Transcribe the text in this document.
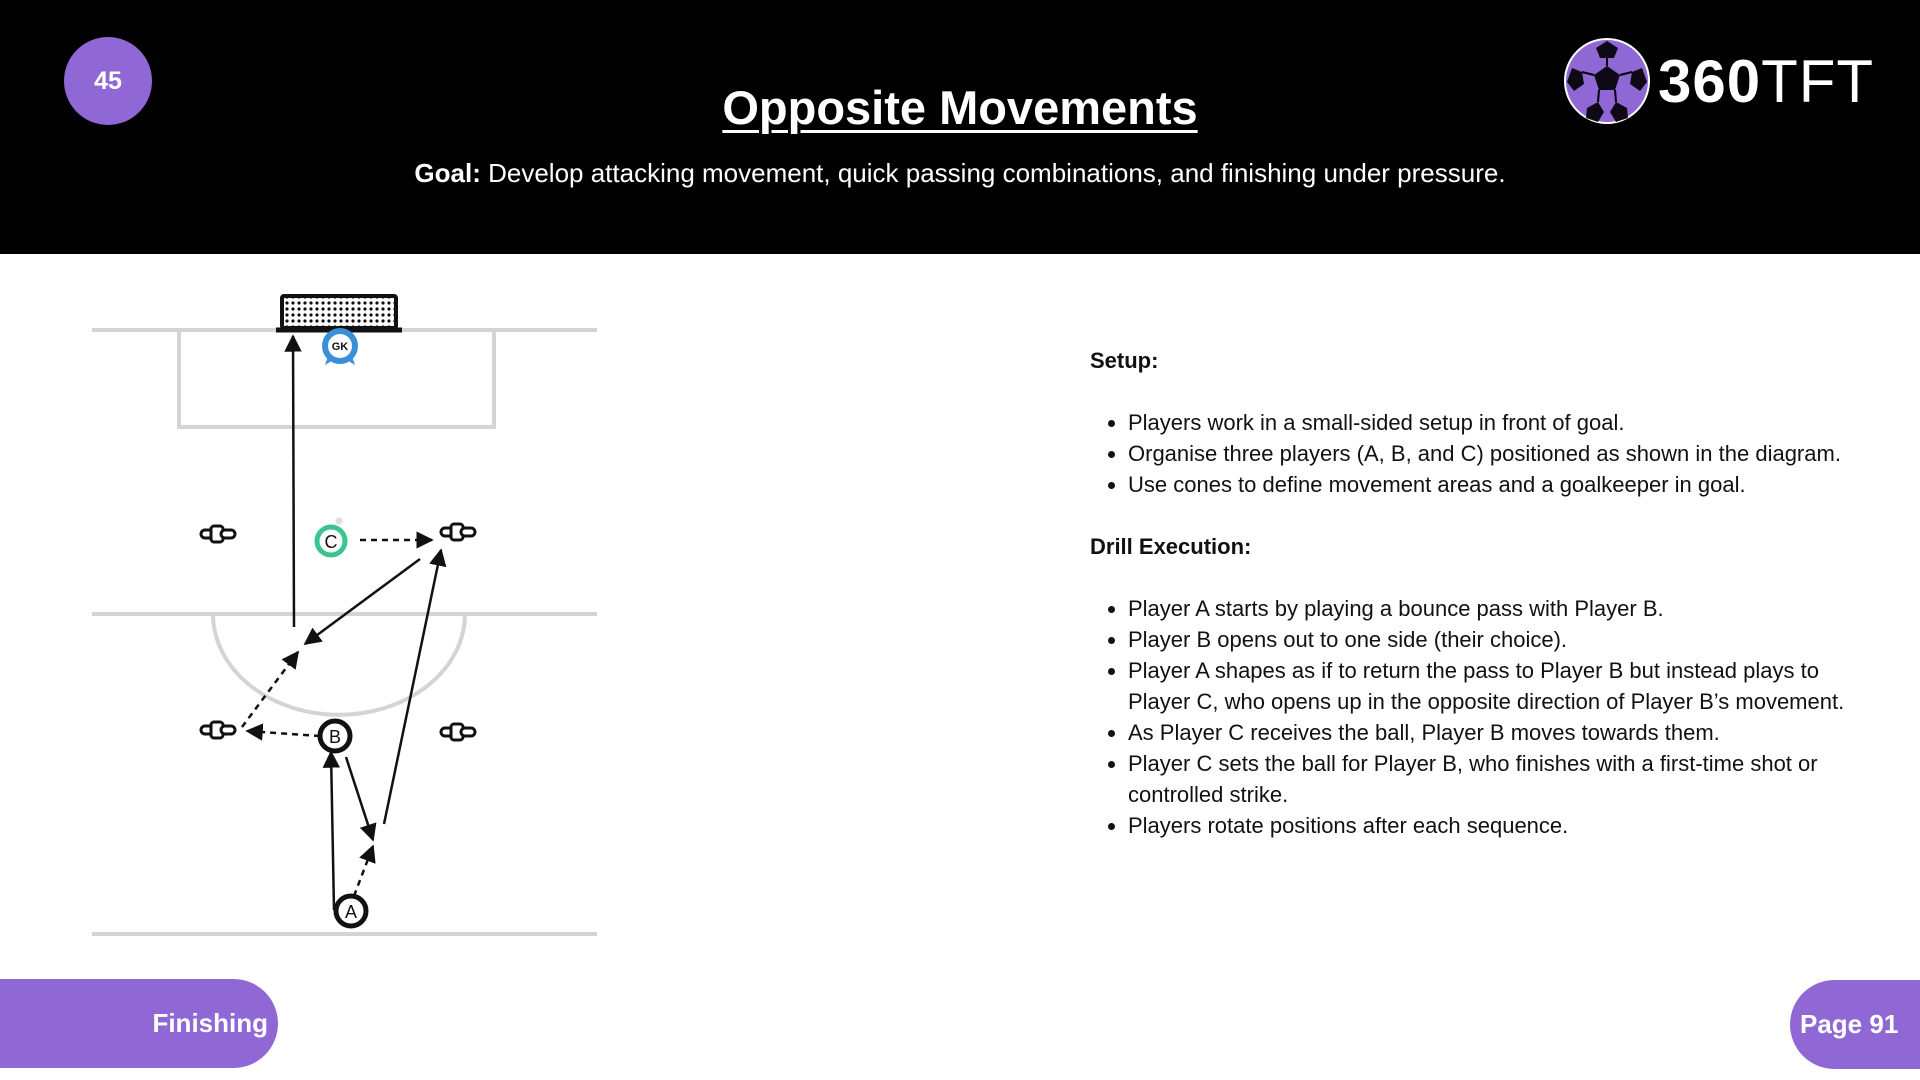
45
Opposite Movements
Goal: Develop attacking movement, quick passing combinations, and finishing under pressure.
360TFT
GK
C
B
A
Setup:
Players work in a small-sided setup in front of goal.
Organise three players (A, B, and C) positioned as shown in the diagram.
Use cones to define movement areas and a goalkeeper in goal.
Drill Execution:
Player A starts by playing a bounce pass with Player B.
Player B opens out to one side (their choice).
Player A shapes as if to return the pass to Player B but instead plays to Player C, who opens up in the opposite direction of Player B’s movement.
As Player C receives the ball, Player B moves towards them.
Player C sets the ball for Player B, who finishes with a first-time shot or controlled strike.
Players rotate positions after each sequence.
Finishing	Page 91
